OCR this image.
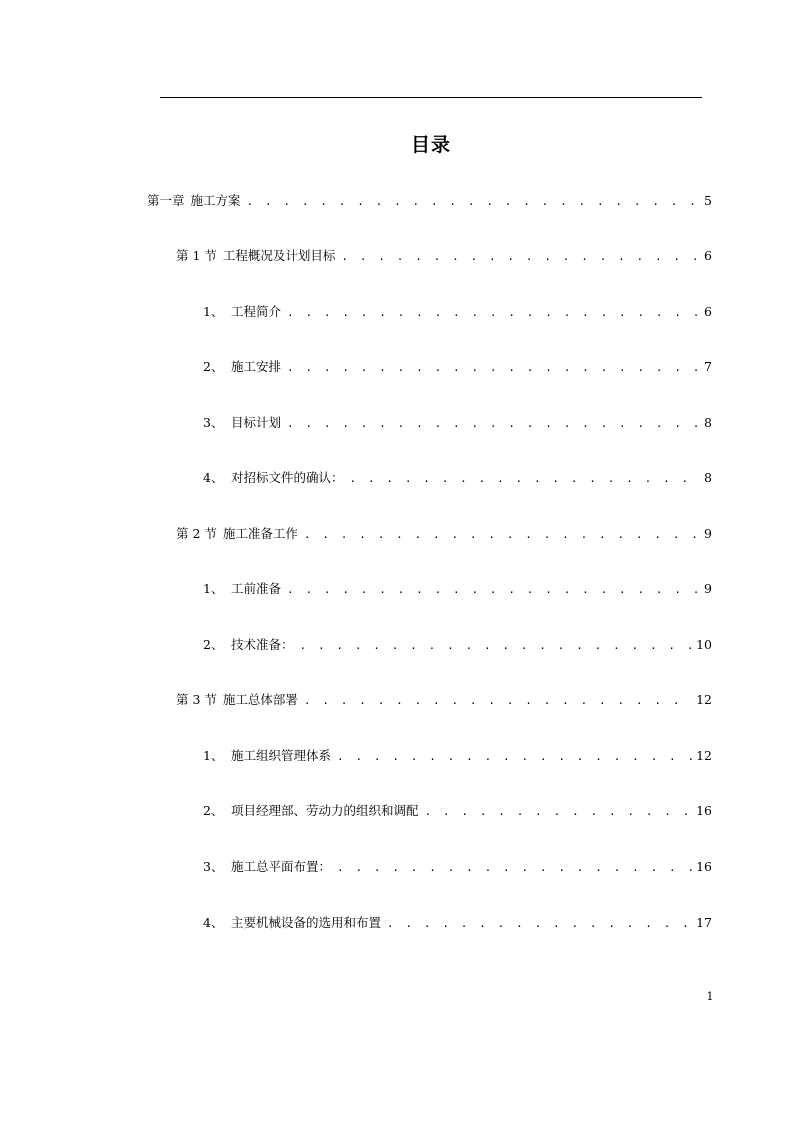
目录
第一章 施工方案 . . .	5
第 1 节 工程概况及计划目标 . . .	6
1、 工程简介 . . .	6
2、 施工安排 . . .	7
3、 目标计划 . . .	8
4、 对招标文件的确认： . . .	8
第 2 节 施工准备工作 . . .	9
1、 工前准备 . . .	9
2、 技术准备： . . .	10
第 3 节 施工总体部署 . . .	12
1、 施工组织管理体系 . . .	12
2、 项目经理部、劳动力的组织和调配 . . .	16
3、 施工总平面布置： . . .	16
4、 主要机械设备的选用和布置 . . .	17
1
